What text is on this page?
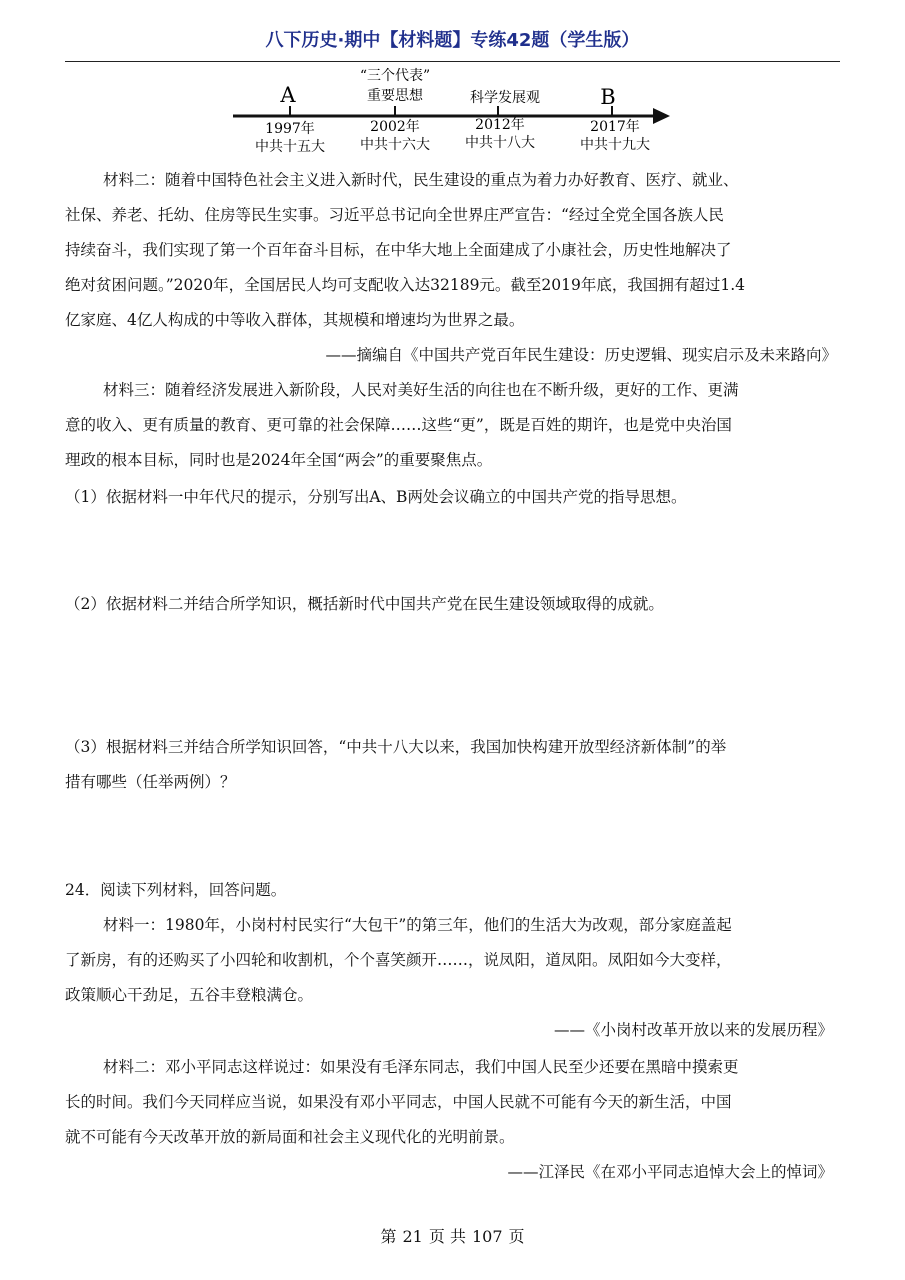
八下历史·期中【材料题】专练42题（学生版）
A	B
“三个代表”
重要思想	科学发展观
1997年
中共十五大
2002年
中共十六大
2012年
中共十八大
2017年
中共十九大
材料二：随着中国特色社会主义进入新时代，民生建设的重点为着力办好教育、医疗、就业、
社保、养老、托幼、住房等民生实事。习近平总书记向全世界庄严宣告：“经过全党全国各族人民
持续奋斗，我们实现了第一个百年奋斗目标，在中华大地上全面建成了小康社会，历史性地解决了
绝对贫困问题。”2020年，全国居民人均可支配收入达32189元。截至2019年底，我国拥有超过1.4
亿家庭、4亿人构成的中等收入群体，其规模和增速均为世界之最。
——摘编自《中国共产党百年民生建设：历史逻辑、现实启示及未来路向》
材料三：随着经济发展进入新阶段，人民对美好生活的向往也在不断升级，更好的工作、更满
意的收入、更有质量的教育、更可靠的社会保障……这些“更”，既是百姓的期许，也是党中央治国
理政的根本目标，同时也是2024年全国“两会”的重要聚焦点。
（1）依据材料一中年代尺的提示，分别写出A、B两处会议确立的中国共产党的指导思想。
（2）依据材料二并结合所学知识，概括新时代中国共产党在民生建设领域取得的成就。
（3）根据材料三并结合所学知识回答，“中共十八大以来，我国加快构建开放型经济新体制”的举
措有哪些（任举两例）？
24．阅读下列材料，回答问题。
材料一：1980年，小岗村村民实行“大包干”的第三年，他们的生活大为改观，部分家庭盖起
了新房，有的还购买了小四轮和收割机，个个喜笑颜开……，说凤阳，道凤阳。凤阳如今大变样，
政策顺心干劲足，五谷丰登粮满仓。
——《小岗村改革开放以来的发展历程》
材料二：邓小平同志这样说过：如果没有毛泽东同志，我们中国人民至少还要在黑暗中摸索更
长的时间。我们今天同样应当说，如果没有邓小平同志，中国人民就不可能有今天的新生活，中国
就不可能有今天改革开放的新局面和社会主义现代化的光明前景。
——江泽民《在邓小平同志追悼大会上的悼词》
第 21 页 共 107 页
